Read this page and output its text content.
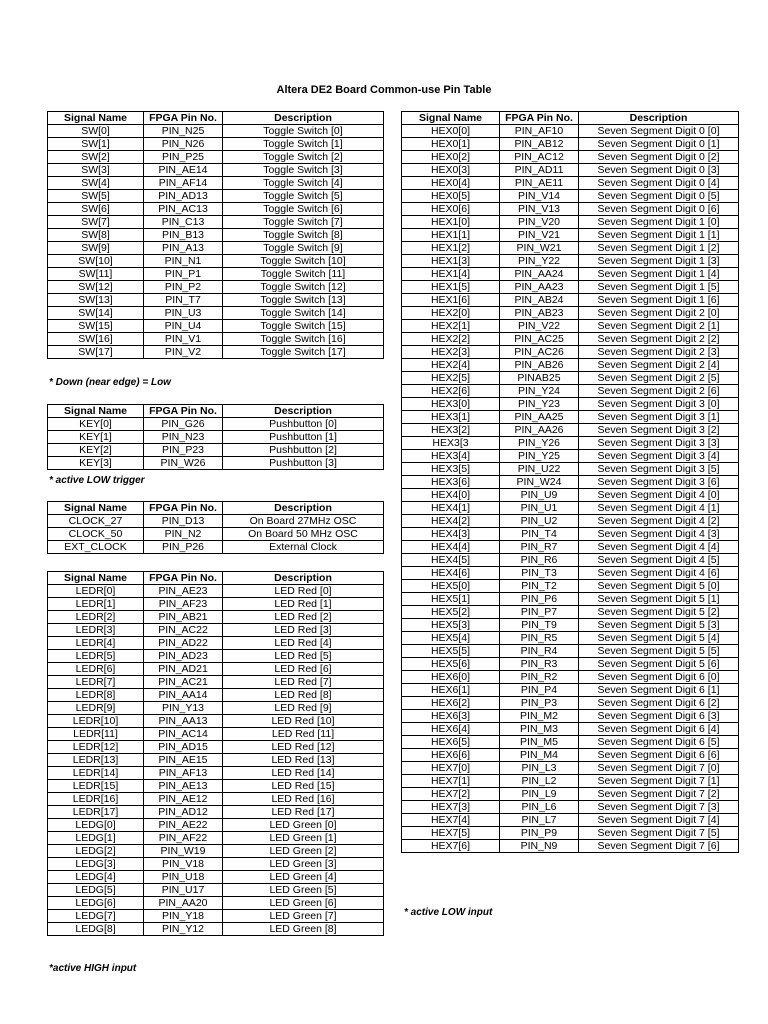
Altera DE2 Board Common-use Pin Table
Signal Name	FPGA Pin No.	Description
SW[0]	PIN_N25	Toggle Switch [0]
SW[1]	PIN_N26	Toggle Switch [1]
SW[2]	PIN_P25	Toggle Switch [2]
SW[3]	PIN_AE14	Toggle Switch [3]
SW[4]	PIN_AF14	Toggle Switch [4]
SW[5]	PIN_AD13	Toggle Switch [5]
SW[6]	PIN_AC13	Toggle Switch [6]
SW[7]	PIN_C13	Toggle Switch [7]
SW[8]	PIN_B13	Toggle Switch [8]
SW[9]	PIN_A13	Toggle Switch [9]
SW[10]	PIN_N1	Toggle Switch [10]
SW[11]	PIN_P1	Toggle Switch [11]
SW[12]	PIN_P2	Toggle Switch [12]
SW[13]	PIN_T7	Toggle Switch [13]
SW[14]	PIN_U3	Toggle Switch [14]
SW[15]	PIN_U4	Toggle Switch [15]
SW[16]	PIN_V1	Toggle Switch [16]
SW[17]	PIN_V2	Toggle Switch [17]
* Down (near edge) = Low
Signal Name	FPGA Pin No.	Description
KEY[0]	PIN_G26	Pushbutton [0]
KEY[1]	PIN_N23	Pushbutton [1]
KEY[2]	PIN_P23	Pushbutton [2]
KEY[3]	PIN_W26	Pushbutton [3]
* active LOW trigger
Signal Name	FPGA Pin No.	Description
CLOCK_27	PIN_D13	On Board 27MHz OSC
CLOCK_50	PIN_N2	On Board 50 MHz OSC
EXT_CLOCK	PIN_P26	External Clock
Signal Name	FPGA Pin No.	Description
LEDR[0]	PIN_AE23	LED Red [0]
LEDR[1]	PIN_AF23	LED Red [1]
LEDR[2]	PIN_AB21	LED Red [2]
LEDR[3]	PIN_AC22	LED Red [3]
LEDR[4]	PIN_AD22	LED Red [4]
LEDR[5]	PIN_AD23	LED Red [5]
LEDR[6]	PIN_AD21	LED Red [6]
LEDR[7]	PIN_AC21	LED Red [7]
LEDR[8]	PIN_AA14	LED Red [8]
LEDR[9]	PIN_Y13	LED Red [9]
LEDR[10]	PIN_AA13	LED Red [10]
LEDR[11]	PIN_AC14	LED Red [11]
LEDR[12]	PIN_AD15	LED Red [12]
LEDR[13]	PIN_AE15	LED Red [13]
LEDR[14]	PIN_AF13	LED Red [14]
LEDR[15]	PIN_AE13	LED Red [15]
LEDR[16]	PIN_AE12	LED Red [16]
LEDR[17]	PIN_AD12	LED Red [17]
LEDG[0]	PIN_AE22	LED Green [0]
LEDG[1]	PIN_AF22	LED Green [1]
LEDG[2]	PIN_W19	LED Green [2]
LEDG[3]	PIN_V18	LED Green [3]
LEDG[4]	PIN_U18	LED Green [4]
LEDG[5]	PIN_U17	LED Green [5]
LEDG[6]	PIN_AA20	LED Green [6]
LEDG[7]	PIN_Y18	LED Green [7]
LEDG[8]	PIN_Y12	LED Green [8]
*active HIGH input
Signal Name	FPGA Pin No.	Description
HEX0[0]	PIN_AF10	Seven Segment Digit 0 [0]
HEX0[1]	PIN_AB12	Seven Segment Digit 0 [1]
HEX0[2]	PIN_AC12	Seven Segment Digit 0 [2]
HEX0[3]	PIN_AD11	Seven Segment Digit 0 [3]
HEX0[4]	PIN_AE11	Seven Segment Digit 0 [4]
HEX0[5]	PIN_V14	Seven Segment Digit 0 [5]
HEX0[6]	PIN_V13	Seven Segment Digit 0 [6]
HEX1[0]	PIN_V20	Seven Segment Digit 1 [0]
HEX1[1]	PIN_V21	Seven Segment Digit 1 [1]
HEX1[2]	PIN_W21	Seven Segment Digit 1 [2]
HEX1[3]	PIN_Y22	Seven Segment Digit 1 [3]
HEX1[4]	PIN_AA24	Seven Segment Digit 1 [4]
HEX1[5]	PIN_AA23	Seven Segment Digit 1 [5]
HEX1[6]	PIN_AB24	Seven Segment Digit 1 [6]
HEX2[0]	PIN_AB23	Seven Segment Digit 2 [0]
HEX2[1]	PIN_V22	Seven Segment Digit 2 [1]
HEX2[2]	PIN_AC25	Seven Segment Digit 2 [2]
HEX2[3]	PIN_AC26	Seven Segment Digit 2 [3]
HEX2[4]	PIN_AB26	Seven Segment Digit 2 [4]
HEX2[5]	PINAB25	Seven Segment Digit 2 [5]
HEX2[6]	PIN_Y24	Seven Segment Digit 2 [6]
HEX3[0]	PIN_Y23	Seven Segment Digit 3 [0]
HEX3[1]	PIN_AA25	Seven Segment Digit 3 [1]
HEX3[2]	PIN_AA26	Seven Segment Digit 3 [2]
HEX3[3	PIN_Y26	Seven Segment Digit 3 [3]
HEX3[4]	PIN_Y25	Seven Segment Digit 3 [4]
HEX3[5]	PIN_U22	Seven Segment Digit 3 [5]
HEX3[6]	PIN_W24	Seven Segment Digit 3 [6]
HEX4[0]	PIN_U9	Seven Segment Digit 4 [0]
HEX4[1]	PIN_U1	Seven Segment Digit 4 [1]
HEX4[2]	PIN_U2	Seven Segment Digit 4 [2]
HEX4[3]	PIN_T4	Seven Segment Digit 4 [3]
HEX4[4]	PIN_R7	Seven Segment Digit 4 [4]
HEX4[5]	PIN_R6	Seven Segment Digit 4 [5]
HEX4[6]	PIN_T3	Seven Segment Digit 4 [6]
HEX5[0]	PIN_T2	Seven Segment Digit 5 [0]
HEX5[1]	PIN_P6	Seven Segment Digit 5 [1]
HEX5[2]	PIN_P7	Seven Segment Digit 5 [2]
HEX5[3]	PIN_T9	Seven Segment Digit 5 [3]
HEX5[4]	PIN_R5	Seven Segment Digit 5 [4]
HEX5[5]	PIN_R4	Seven Segment Digit 5 [5]
HEX5[6]	PIN_R3	Seven Segment Digit 5 [6]
HEX6[0]	PIN_R2	Seven Segment Digit 6 [0]
HEX6[1]	PIN_P4	Seven Segment Digit 6 [1]
HEX6[2]	PIN_P3	Seven Segment Digit 6 [2]
HEX6[3]	PIN_M2	Seven Segment Digit 6 [3]
HEX6[4]	PIN_M3	Seven Segment Digit 6 [4]
HEX6[5]	PIN_M5	Seven Segment Digit 6 [5]
HEX6[6]	PIN_M4	Seven Segment Digit 6 [6]
HEX7[0]	PIN_L3	Seven Segment Digit 7 [0]
HEX7[1]	PIN_L2	Seven Segment Digit 7 [1]
HEX7[2]	PIN_L9	Seven Segment Digit 7 [2]
HEX7[3]	PIN_L6	Seven Segment Digit 7 [3]
HEX7[4]	PIN_L7	Seven Segment Digit 7 [4]
HEX7[5]	PIN_P9	Seven Segment Digit 7 [5]
HEX7[6]	PIN_N9	Seven Segment Digit 7 [6]
* active LOW input
